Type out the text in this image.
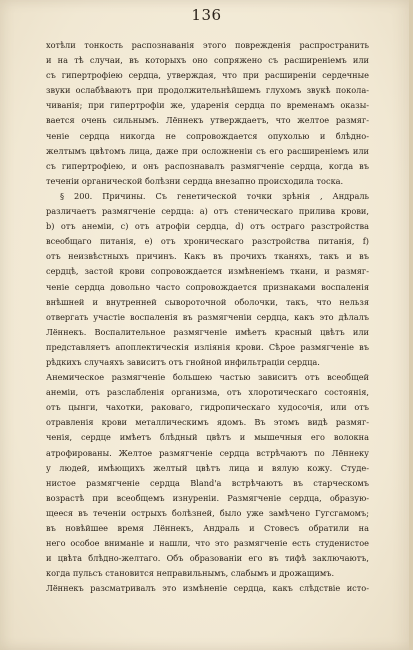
136
хотѣли тонкость распознаванія этого поврежденія распространить
и на тѣ случаи, въ которыхъ оно сопряжено съ расширеніемъ или
съ гипертрофіею сердца, утверждая, что при расширеніи сердечные
звуки ослабѣваютъ при продолжительнѣйшемъ глухомъ звукѣ покола-
чиванія; при гипертрофіи же, ударенія сердца по временамъ оказы-
вается очень сильнымъ. Лённекъ утверждаетъ, что желтое размяг-
ченіе сердца никогда не сопровождается опухолью и блѣдно-
желтымъ цвѣтомъ лица, даже при осложненіи съ его расширеніемъ или
съ гипертрофіею, и онъ распознавалъ размягченіе сердца, когда въ
теченіи органической болѣзни сердца внезапно происходила тоска.
§ 200. Причины. Съ генетической точки зрѣнія , Андраль
различаетъ размягченіе сердца: а) отъ стеническаго прилива крови,
b) отъ анеміи, c) отъ атрофіи сердца, d) отъ остраго разстройства
всеобщаго питанія, e) отъ хроническаго разстройства питанія, f)
отъ неизвѣстныхъ причинъ. Какъ въ прочихъ тканяхъ, такъ и въ
сердцѣ, застой крови сопровождается измѣненіемъ ткани, и размяг-
ченіе сердца довольно часто сопровождается признаками воспаленія
внѣшней и внутренней сывороточной оболочки, такъ, что нельзя
отвергать участіе воспаленія въ размягченіи сердца, какъ это дѣлалъ
Лённекъ. Воспалительное размягченіе имѣетъ красный цвѣтъ или
представляетъ апоплектическія изліянія крови. Сѣрое размягченіе въ
рѣдкихъ случаяхъ зависитъ отъ гнойной инфильтраціи сердца.
Анемическое размягченіе большею частью зависитъ отъ всеобщей
анеміи, отъ разслабленія организма, отъ хлоротическаго состоянія,
отъ цынги, чахотки, раковаго, гидропическаго худосочія, или отъ
отравленія крови металлическимъ ядомъ. Въ этомъ видѣ размяг-
ченія, сердце имѣетъ блѣдный цвѣтъ и мышечныя его волокна
атрофированы. Желтое размягченіе сердца встрѣчаютъ по Лённеку
у людей, имѣющихъ желтый цвѣтъ лица и вялую кожу. Студе-
нистое размягченіе сердца Bland'а встрѣчаютъ въ старческомъ
возрастѣ при всеобщемъ изнуреніи. Размягченіе сердца, образую-
щееся въ теченіи острыхъ болѣзней, было уже замѣчено Гугсгамомъ;
въ новѣйшее время Лённекъ, Андраль и Стовесъ обратили на
него особое вниманіе и нашли, что это размягченіе есть студенистое
и цвѣта блѣдно-желтаго. Объ образованіи его въ тифѣ заключаютъ,
когда пульсъ становится неправильнымъ, слабымъ и дрожащимъ.
Лённекъ разсматривалъ это измѣненіе сердца, какъ слѣдствіе исто-
